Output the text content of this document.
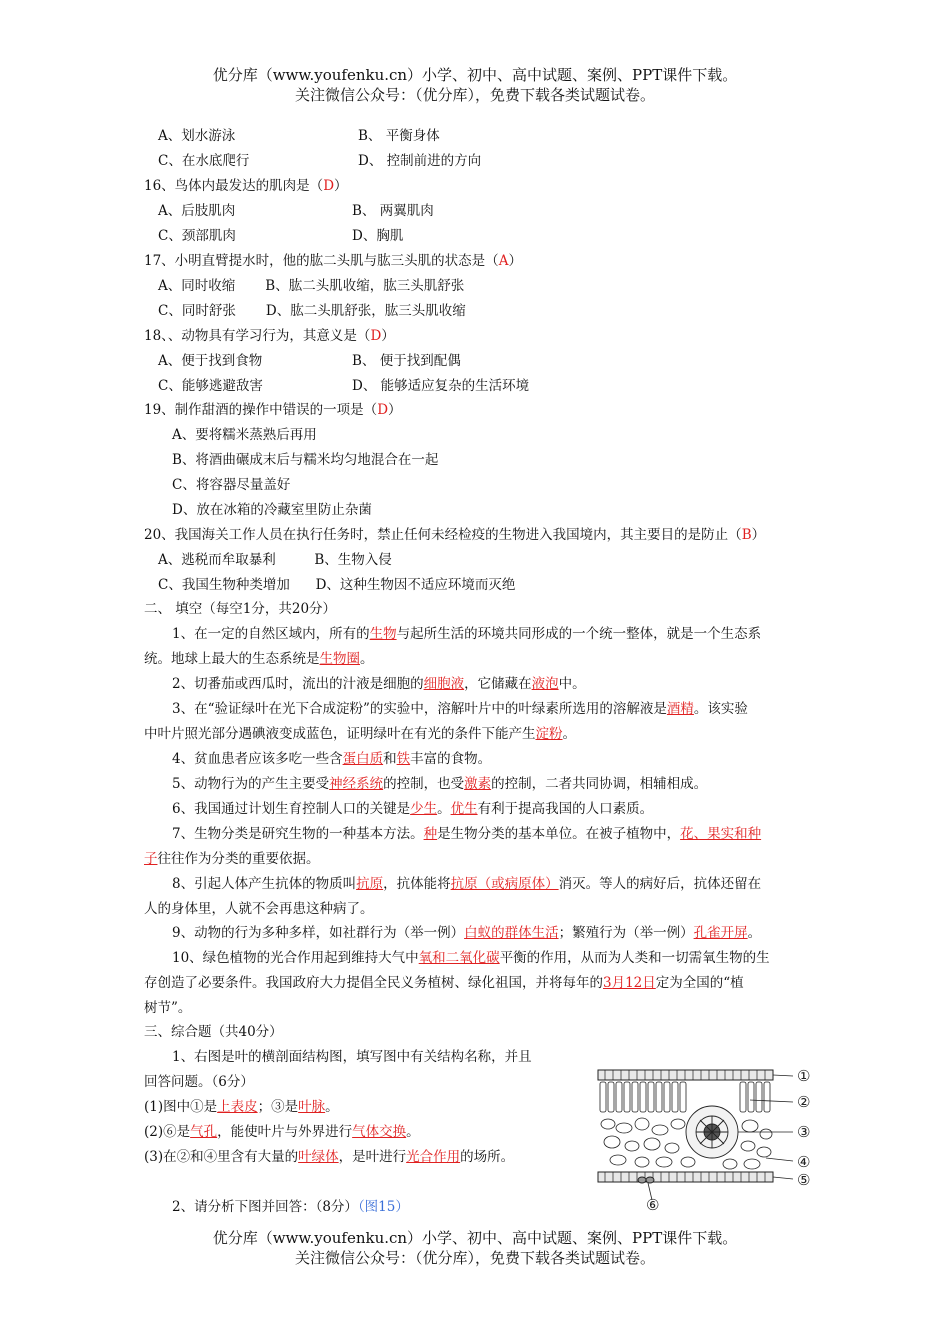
优分库（www.youfenku.cn）小学、初中、高中试题、案例、PPT课件下载。
关注微信公众号：（优分库），免费下载各类试题试卷。
A、划水游泳	B、 平衡身体
C、在水底爬行	D、 控制前进的方向
16、鸟体内最发达的肌肉是（D）
A、后肢肌肉	B、 两翼肌肉
C、颈部肌肉	D、胸肌
17、小明直臂提水时，他的肱二头肌与肱三头肌的状态是（A）
A、同时收缩       B、肱二头肌收缩，肱三头肌舒张
C、同时舒张       D、肱二头肌舒张，肱三头肌收缩
18、、动物具有学习行为，其意义是（D）
A、便于找到食物	B、 便于找到配偶
C、能够逃避敌害	D、 能够适应复杂的生活环境
19、制作甜酒的操作中错误的一项是（D）
A、要将糯米蒸熟后再用
B、将酒曲碾成末后与糯米均匀地混合在一起
C、将容器尽量盖好
D、放在冰箱的冷藏室里防止杂菌
20、我国海关工作人员在执行任务时，禁止任何未经检疫的生物进入我国境内，其主要目的是防止（B）
A、逃税而牟取暴利         B、生物入侵
C、我国生物种类增加      D、这种生物因不适应环境而灭绝
二、 填空（每空1分，共20分）
1、在一定的自然区域内，所有的生物与起所生活的环境共同形成的一个统一整体，就是一个生态系
统。地球上最大的生态系统是生物圈。
2、切番茄或西瓜时，流出的汁液是细胞的细胞液，它储藏在液泡中。
3、在“验证绿叶在光下合成淀粉”的实验中，溶解叶片中的叶绿素所选用的溶解液是酒精。该实验
中叶片照光部分遇碘液变成蓝色，证明绿叶在有光的条件下能产生淀粉。
4、贫血患者应该多吃一些含蛋白质和铁丰富的食物。
5、动物行为的产生主要受神经系统的控制，也受激素的控制，二者共同协调，相辅相成。
6、我国通过计划生育控制人口的关键是少生。优生有利于提高我国的人口素质。
7、生物分类是研究生物的一种基本方法。种是生物分类的基本单位。在被子植物中，花、果实和种
子往往作为分类的重要依据。
8、引起人体产生抗体的物质叫抗原，抗体能将抗原（或病原体）消灭。等人的病好后，抗体还留在
人的身体里，人就不会再患这种病了。
9、动物的行为多种多样，如社群行为（举一例）白蚁的群体生活；繁殖行为（举一例）孔雀开屏。
10、绿色植物的光合作用起到维持大气中氧和二氧化碳平衡的作用，从而为人类和一切需氧生物的生
存创造了必要条件。我国政府大力提倡全民义务植树、绿化祖国，并将每年的3月12日定为全国的“植
树节”。
三、综合题（共40分）
1、右图是叶的横剖面结构图，填写图中有关结构名称，并且
回答问题。（6分）
(1)图中①是上表皮；③是叶脉。
(2)⑥是气孔，能使叶片与外界进行气体交换。
(3)在②和④里含有大量的叶绿体，是叶进行光合作用的场所。
2、请分析下图并回答：（8分）（图15）
①
②
③
④
⑤
⑥
优分库（www.youfenku.cn）小学、初中、高中试题、案例、PPT课件下载。
关注微信公众号：（优分库），免费下载各类试题试卷。
